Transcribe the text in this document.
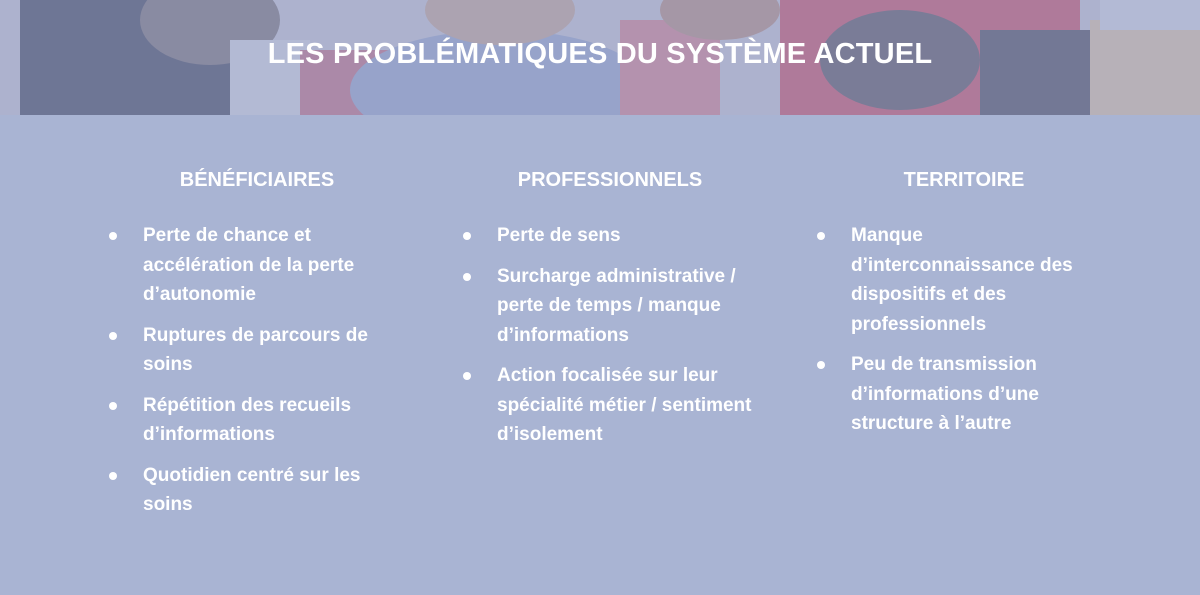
LES PROBLÉMATIQUES DU SYSTÈME ACTUEL
BÉNÉFICIAIRES
Perte de chance et accélération de la perte d’autonomie
Ruptures de parcours de soins
Répétition des recueils d’informations
Quotidien centré sur les soins
PROFESSIONNELS
Perte de sens
Surcharge administrative / perte de temps / manque d’informations
Action focalisée sur leur spécialité métier / sentiment d’isolement
TERRITOIRE
Manque d’interconnaissance des dispositifs et des professionnels
Peu de transmission d’informations d’une structure à l’autre
